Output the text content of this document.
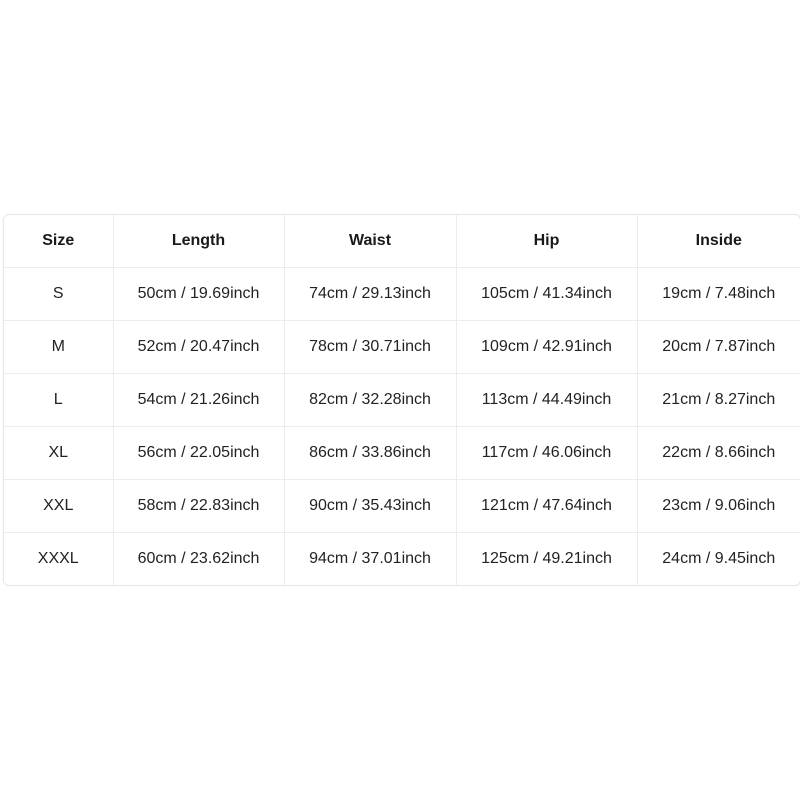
Size	Length	Waist	Hip	Inside
S	50cm / 19.69inch	74cm / 29.13inch	105cm / 41.34inch	19cm / 7.48inch
M	52cm / 20.47inch	78cm / 30.71inch	109cm / 42.91inch	20cm / 7.87inch
L	54cm / 21.26inch	82cm / 32.28inch	113cm / 44.49inch	21cm / 8.27inch
XL	56cm / 22.05inch	86cm / 33.86inch	117cm / 46.06inch	22cm / 8.66inch
XXL	58cm / 22.83inch	90cm / 35.43inch	121cm / 47.64inch	23cm / 9.06inch
XXXL	60cm / 23.62inch	94cm / 37.01inch	125cm / 49.21inch	24cm / 9.45inch
